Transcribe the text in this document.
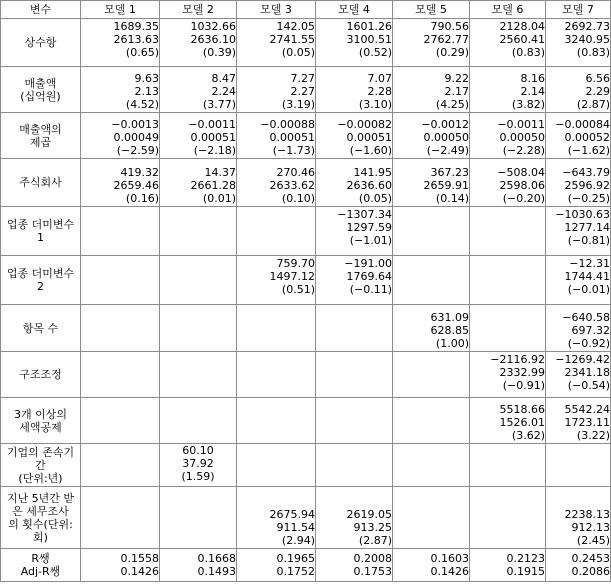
변수	모델 1	모델 2	모델 3	모델 4	모델 5	모델 6	모델 7

상수항	1689.35
2613.63
(0.65)	1032.66
2636.10
(0.39)	142.05
2741.55
(0.05)	1601.26
3100.51
(0.52)	790.56
2762.77
(0.29)	2128.04
2560.41
(0.83)	2692.73
3240.95
(0.83)

매출액
(십억원)	9.63
2.13
(4.52)	8.47
2.24
(3.77)	7.27
2.27
(3.19)	7.07
2.28
(3.10)	9.22
2.17
(4.25)	8.16
2.14
(3.82)	6.56
2.29
(2.87)

매출액의
제곱	−0.0013
0.00049
(−2.59)	−0.0011
0.00051
(−2.18)	−0.00088
0.00051
(−1.73)	−0.00082
0.00051
(−1.60)	−0.0012
0.00050
(−2.49)	−0.0011
0.00050
(−2.28)	−0.00084
0.00052
(−1.62)

주식회사	419.32
2659.46
(0.16)	14.37
2661.28
(0.01)	270.46
2633.62
(0.10)	141.95
2636.60
(0.05)	367.23
2659.91
(0.14)	−508.04
2598.06
(−0.20)	−643.79
2596.92
(−0.25)

업종 더미변수
1				−1307.34
1297.59
(−1.01)			−1030.63
1277.14
(−0.81)

업종 더미변수
2			759.70
1497.12
(0.51)	−191.00
1769.64
(−0.11)			−12.31
1744.41
(−0.01)

항목 수					631.09
628.85
(1.00)		−640.58
697.32
(−0.92)

구조조정						−2116.92
2332.99
(−0.91)	−1269.42
2341.18
(−0.54)

3개 이상의
세액공제						5518.66
1526.01
(3.62)	5542.24
1723.11
(3.22)

기업의 존속기
간
(단위:년)		60.10
37.92
(1.59)					

지난 5년간 받
은 세무조사
의 횟수(단위:
회)			2675.94
911.54
(2.94)	2619.05
913.25
(2.87)			2238.13
912.13
(2.45)

R쌩
Adj-R쌩	0.1558
0.1426	0.1668
0.1493	0.1965
0.1752	0.2008
0.1753	0.1603
0.1426	0.2123
0.1915	0.2453
0.2086
